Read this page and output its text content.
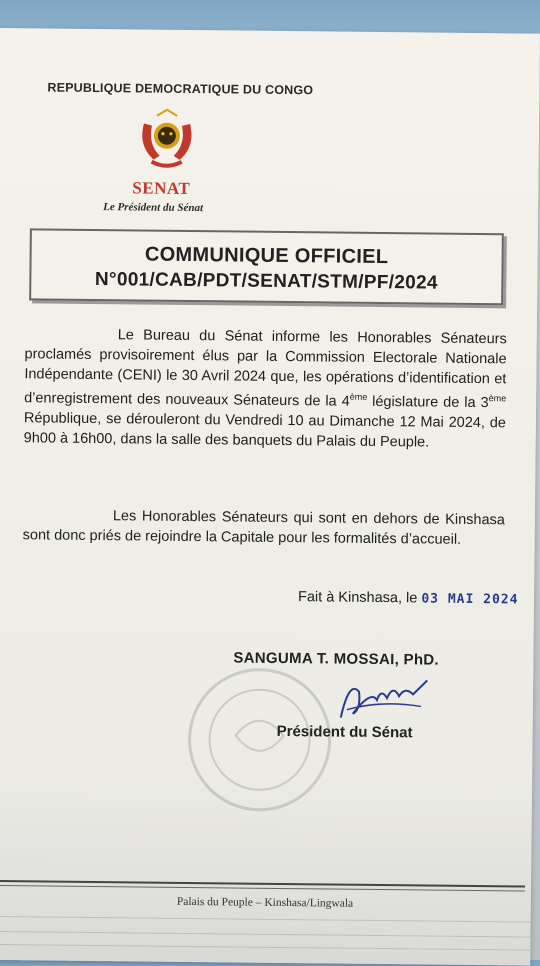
REPUBLIQUE DEMOCRATIQUE DU CONGO
SENAT
Le Président du Sénat
COMMUNIQUE OFFICIEL
N°001/CAB/PDT/SENAT/STM/PF/2024
Le Bureau du Sénat informe les Honorables Sénateurs proclamés provisoirement élus par la Commission Electorale Nationale Indépendante (CENI) le 30 Avril 2024 que, les opérations d’identification et d’enregistrement des nouveaux Sénateurs de la 4ème législature de la 3ème République, se dérouleront du Vendredi 10 au Dimanche 12 Mai 2024, de 9h00 à 16h00, dans la salle des banquets du Palais du Peuple.
Les Honorables Sénateurs qui sont en dehors de Kinshasa sont donc priés de rejoindre la Capitale pour les formalités d’accueil.
Fait à Kinshasa, le 03 MAI 2024
SANGUMA T. MOSSAI, PhD.
Président du Sénat
Palais du Peuple – Kinshasa/Lingwala
